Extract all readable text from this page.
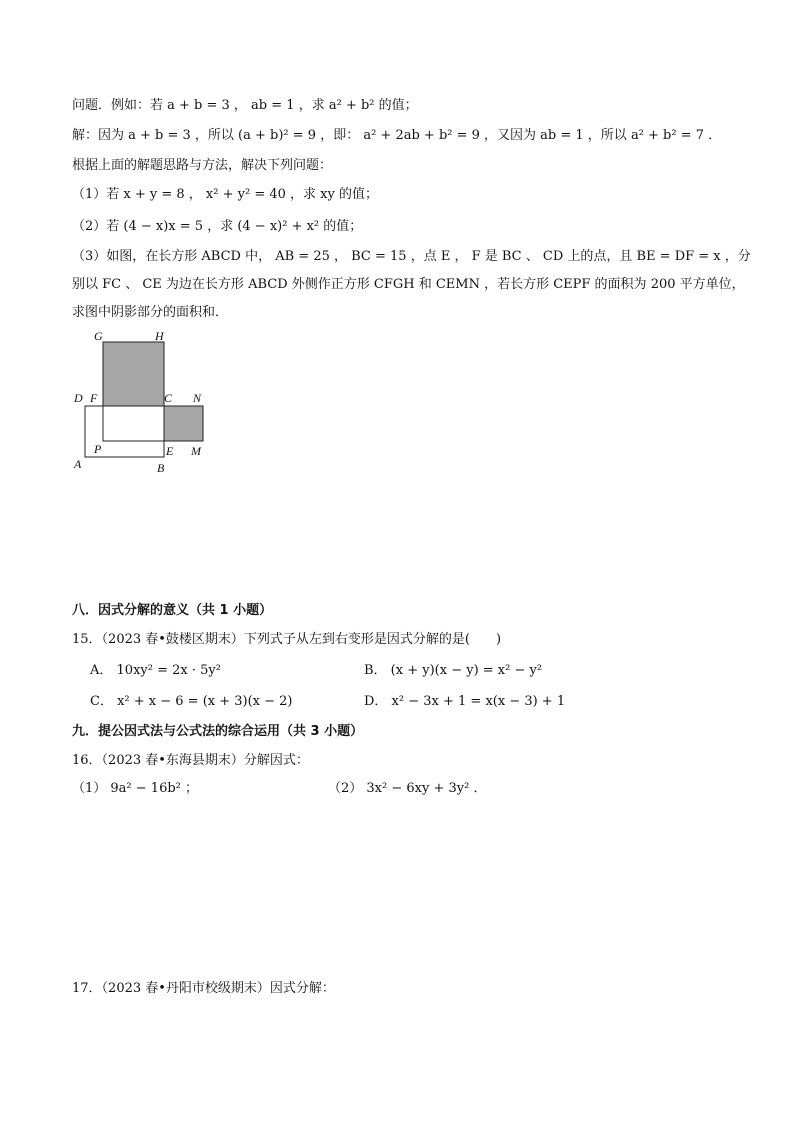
问题．例如：若 a + b = 3 ， ab = 1 ，求 a² + b² 的值；
解：因为 a + b = 3 ，所以 (a + b)² = 9 ，即： a² + 2ab + b² = 9 ，又因为 ab = 1 ，所以 a² + b² = 7 ．
根据上面的解题思路与方法，解决下列问题：
（1）若 x + y = 8 ， x² + y² = 40 ，求 xy 的值；
（2）若 (4 − x)x = 5 ，求 (4 − x)² + x² 的值；
（3）如图，在长方形 ABCD 中， AB = 25 ， BC = 15 ，点 E ， F 是 BC 、 CD 上的点，且 BE = DF = x ，分
别以 FC 、 CE 为边在长方形 ABCD 外侧作正方形 CFGH 和 CEMN ，若长方形 CEPF 的面积为 200 平方单位，
求图中阴影部分的面积和．
G	H
D F	C N
P	E M
A	B
八．因式分解的意义（共 1 小题）
15．（2023 春•鼓楼区期末）下列式子从左到右变形是因式分解的是(　　)
A． 10xy² = 2x · 5y²	B． (x + y)(x − y) = x² − y²
C． x² + x − 6 = (x + 3)(x − 2)	D． x² − 3x + 1 = x(x − 3) + 1
九．提公因式法与公式法的综合运用（共 3 小题）
16．（2023 春•东海县期末）分解因式：
（1） 9a² − 16b² ；	（2） 3x² − 6xy + 3y² ．
17．（2023 春•丹阳市校级期末）因式分解：
